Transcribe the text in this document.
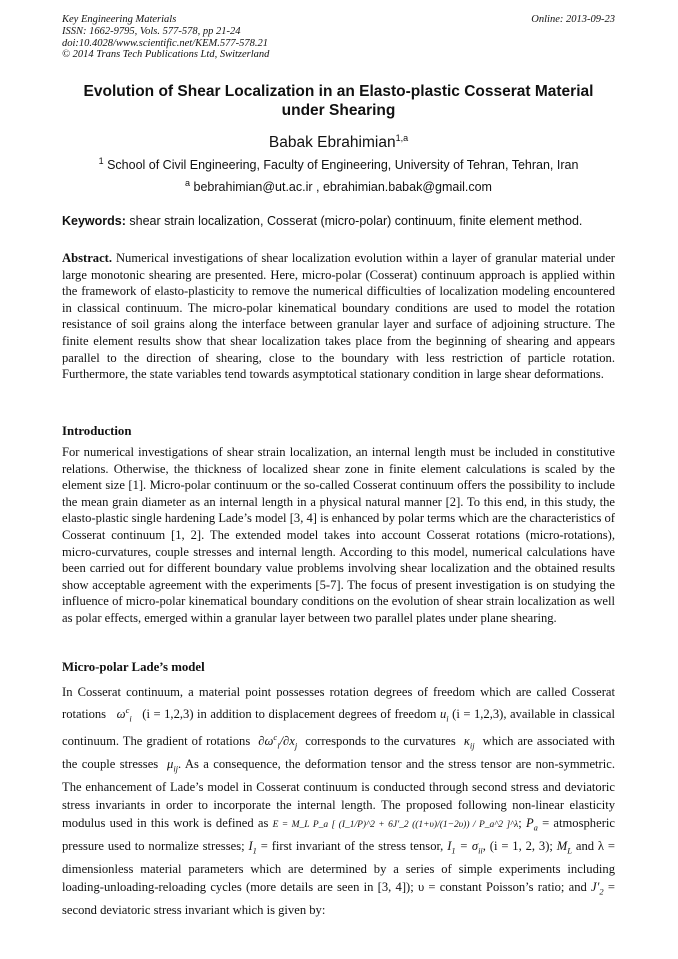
Key Engineering Materials
ISSN: 1662-9795, Vols. 577-578, pp 21-24
doi:10.4028/www.scientific.net/KEM.577-578.21
© 2014 Trans Tech Publications Ltd, Switzerland
Online: 2013-09-23
Evolution of Shear Localization in an Elasto-plastic Cosserat Material under Shearing
Babak Ebrahimian$^{1,a}$
$^1$ School of Civil Engineering, Faculty of Engineering, University of Tehran, Tehran, Iran
$^a$ bebrahimian@ut.ac.ir , ebrahimian.babak@gmail.com
Keywords: shear strain localization, Cosserat (micro-polar) continuum, finite element method.
Abstract. Numerical investigations of shear localization evolution within a layer of granular material under large monotonic shearing are presented. Here, micro-polar (Cosserat) continuum approach is applied within the framework of elasto-plasticity to remove the numerical difficulties of localization modeling encountered in classical continuum. The micro-polar kinematical boundary conditions are used to model the rotation resistance of soil grains along the interface between granular layer and surface of adjoining structure. The finite element results show that shear localization takes place from the beginning of shearing and appears parallel to the direction of shearing, close to the boundary with less restriction of particle rotation. Furthermore, the state variables tend towards asymptotical stationary condition in large shear deformations.
Introduction
For numerical investigations of shear strain localization, an internal length must be included in constitutive relations. Otherwise, the thickness of localized shear zone in finite element calculations is scaled by the element size [1]. Micro-polar continuum or the so-called Cosserat continuum offers the possibility to include the mean grain diameter as an internal length in a physical natural manner [2]. To this end, in this study, the elasto-plastic single hardening Lade’s model [3, 4] is enhanced by polar terms which are the characteristics of Cosserat continuum [1, 2]. The extended model takes into account Cosserat rotations (micro-rotations), micro-curvatures, couple stresses and internal length. According to this model, numerical calculations have been carried out for different boundary value problems involving shear localization and the obtained results show acceptable agreement with the experiments [5-7]. The focus of present investigation is on studying the influence of micro-polar kinematical boundary conditions on the evolution of shear strain localization as well as polar effects, emerged within a granular layer between two parallel plates under plane shearing.
Micro-polar Lade’s model
In Cosserat continuum, a material point possesses rotation degrees of freedom which are called Cosserat rotations   $\omega^c_i$ (i = 1,2,3) in addition to displacement degrees of freedom $u_i$ (i = 1,2,3), available in classical continuum. The gradient of rotations  $\partial\omega^c_i/\partial x_j$ corresponds to the curvatures  $\kappa_{ij}$ which are associated with the couple stresses  $\mu_{ij}$. As a consequence, the deformation tensor and the stress tensor are non-symmetric. The enhancement of Lade’s model in Cosserat continuum is conducted through second stress and deviatoric stress invariants in order to incorporate the internal length. The proposed following non-linear elasticity modulus used in this work is defined as E = M_L P_a [ (I_1/P)^2 + 6J′_2 ((1+υ)/(1−2υ)) / P_a^2 ]^λ; $P_a$ = atmospheric pressure used to normalize stresses; $I_1$ = first invariant of the stress tensor, $I_1 = \sigma_{ii}$, (i = 1, 2, 3); $M_L$ and λ = dimensionless material parameters which are determined by a series of simple experiments including loading-unloading-reloading cycles (more details are seen in [3, 4]); υ = constant Poisson’s ratio; and $J'_2$ = second deviatoric stress invariant which is given by:
